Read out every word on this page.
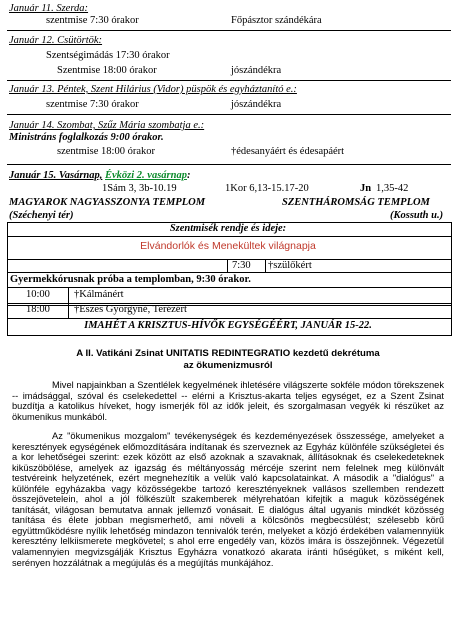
Január 11. Szerda:
szentmise 7:30 órakor	Főpásztor szándékára
Január 12. Csütörtök:
Szentségimádás 17:30 órakor
Szentmise 18:00 órakor	jószándékra
Január 13. Péntek, Szent Hilárius (Vidor) püspök és egyháztanító e.:
szentmise 7:30 órakor	jószándékra
Január 14. Szombat, Szűz Mária szombatja e.:
Ministráns foglalkozás 9:00 órakor.
szentmise 18:00 órakor	†édesanyáért és édesapáért
Január 15. Vasárnap, Évközi 2. vasárnap:
1Sám 3, 3b-10.19	1Kor 6,13-15.17-20	Jn 1,35-42
MAGYAROK NAGYASSZONYA TEMPLOM	SZENTHÁROMSÁG TEMPLOM
(Széchenyi tér)	(Kossuth u.)
Szentmisék rendje és ideje:
Elvándorlók és Menekültek világnapja
7:30 †szülőkért
Gyermekkórusnak próba a templomban, 9:30 órakor.
10:00 †Kálmánért
18:00 †Eszes Györgyné, Terézért
IMAHÉT A KRISZTUS-HÍVŐK EGYSÉGÉÉRT, JANUÁR 15-22.
A II. Vatikáni Zsinat UNITATIS REDINTEGRATIO kezdetű dekrétuma
az ökumenizmusról
Mivel napjainkban a Szentlélek kegyelmének ihletésére világszerte sokféle módon törekszenek -- imádsággal, szóval és cselekedettel -- elérni a Krisztus-akarta teljes egységet, ez a Szent Zsinat buzdítja a katolikus híveket, hogy ismerjék föl az idők jeleit, és szorgalmasan vegyék ki részüket az ökumenikus munkából.
Az "ökumenikus mozgalom" tevékenységek és kezdeményezések összessége, amelyeket a keresztények egységének előmozdítására indítanak és szerveznek az Egyház különféle szükségletei és a kor lehetőségei szerint: ezek között az első azoknak a szavaknak, állításoknak és cselekedeteknek kiküszöbölése, amelyek az igazság és méltányosság mércéje szerint nem felelnek meg különvált testvéreink helyzetének, ezért megnehezítik a velük való kapcsolatainkat. A második a "dialógus" a különféle egyházakba vagy közösségekbe tartozó keresztényeknek vallásos szellemben rendezett összejövetelein, ahol a jól fölkészült szakemberek mélyrehatóan kifejtik a maguk közösségének tanítását, világosan bemutatva annak jellemző vonásait. E dialógus által ugyanis mindkét közösség tanítása és élete jobban megismerhető, ami növeli a kölcsönös megbecsülést; szélesebb körű együttműködésre nyílik lehetőség mindazon tennivalók terén, melyeket a közjó érdekében valamennyiük keresztény lelkiismerete megkövetel; s ahol erre engedély van, közös imára is összejönnek. Végezetül valamennyien megvizsgálják Krisztus Egyházra vonatkozó akarata iránti hűségüket, s miként kell, serényen hozzálátnak a megújulás és a megújítás munkájához.
